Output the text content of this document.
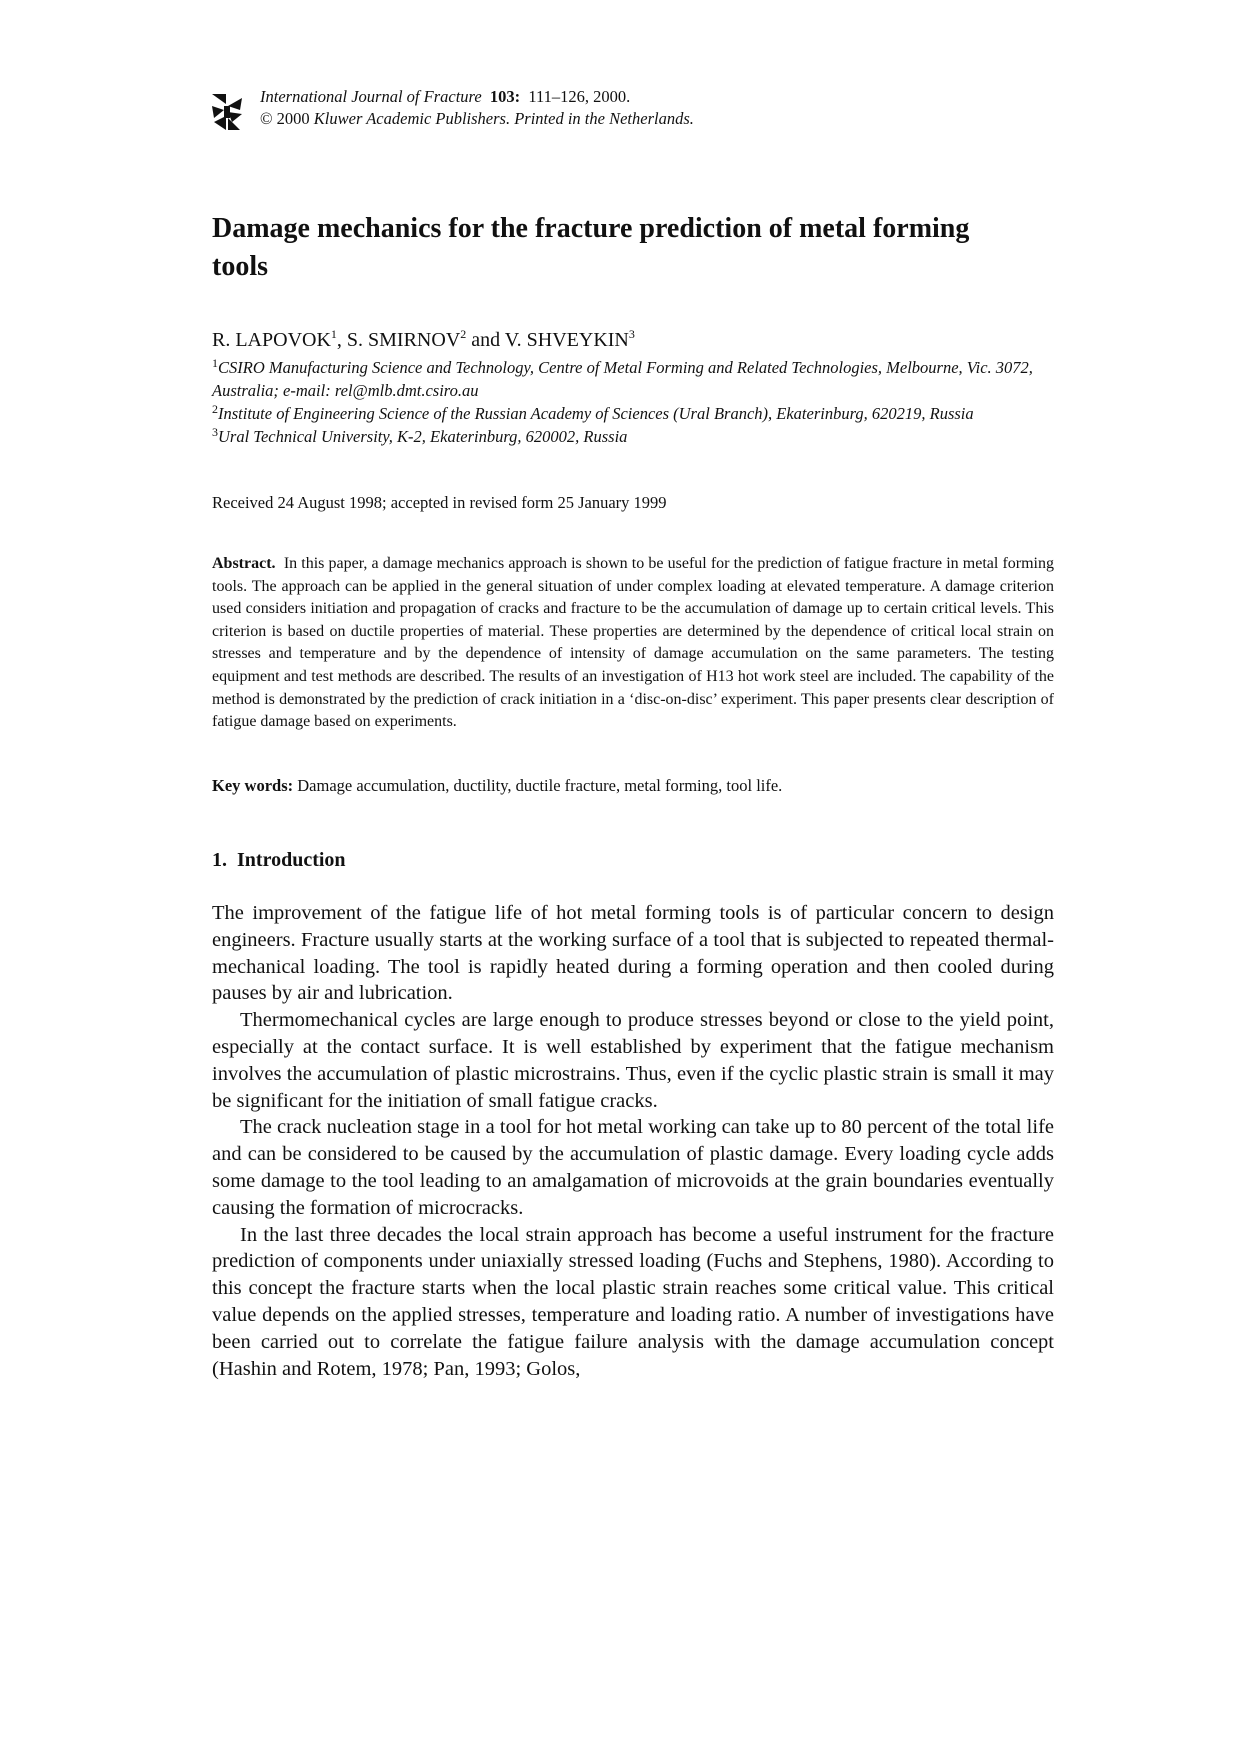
International Journal of Fracture 103: 111–126, 2000.
© 2000 Kluwer Academic Publishers. Printed in the Netherlands.
Damage mechanics for the fracture prediction of metal forming tools
R. LAPOVOK$^1$, S. SMIRNOV$^2$ and V. SHVEYKIN$^3$

$^1$CSIRO Manufacturing Science and Technology, Centre of Metal Forming and Related Technologies, Melbourne, Vic. 3072, Australia; e-mail: rel@mlb.dmt.csiro.au

$^2$Institute of Engineering Science of the Russian Academy of Sciences (Ural Branch), Ekaterinburg, 620219, Russia

$^3$Ural Technical University, K-2, Ekaterinburg, 620002, Russia

Received 24 August 1998; accepted in revised form 25 January 1999

Abstract. In this paper, a damage mechanics approach is shown to be useful for the prediction of fatigue fracture in metal forming tools. The approach can be applied in the general situation of under complex loading at elevated temperature. A damage criterion used considers initiation and propagation of cracks and fracture to be the accumulation of damage up to certain critical levels. This criterion is based on ductile properties of material. These properties are determined by the dependence of critical local strain on stresses and temperature and by the dependence of intensity of damage accumulation on the same parameters. The testing equipment and test methods are described. The results of an investigation of H13 hot work steel are included. The capability of the method is demonstrated by the prediction of crack initiation in a ‘disc-on-disc’ experiment. This paper presents clear description of fatigue damage based on experiments.

Key words: Damage accumulation, ductility, ductile fracture, metal forming, tool life.
1. Introduction

The improvement of the fatigue life of hot metal forming tools is of particular concern to design engineers. Fracture usually starts at the working surface of a tool that is subjected to repeated thermal-mechanical loading. The tool is rapidly heated during a forming operation and then cooled during pauses by air and lubrication.

Thermomechanical cycles are large enough to produce stresses beyond or close to the yield point, especially at the contact surface. It is well established by experiment that the fatigue mechanism involves the accumulation of plastic microstrains. Thus, even if the cyclic plastic strain is small it may be significant for the initiation of small fatigue cracks.

The crack nucleation stage in a tool for hot metal working can take up to 80 percent of the total life and can be considered to be caused by the accumulation of plastic damage. Every loading cycle adds some damage to the tool leading to an amalgamation of microvoids at the grain boundaries eventually causing the formation of microcracks.

In the last three decades the local strain approach has become a useful instrument for the fracture prediction of components under uniaxially stressed loading (Fuchs and Stephens, 1980). According to this concept the fracture starts when the local plastic strain reaches some critical value. This critical value depends on the applied stresses, temperature and loading ratio. A number of investigations have been carried out to correlate the fatigue failure analysis with the damage accumulation concept (Hashin and Rotem, 1978; Pan, 1993; Golos,
